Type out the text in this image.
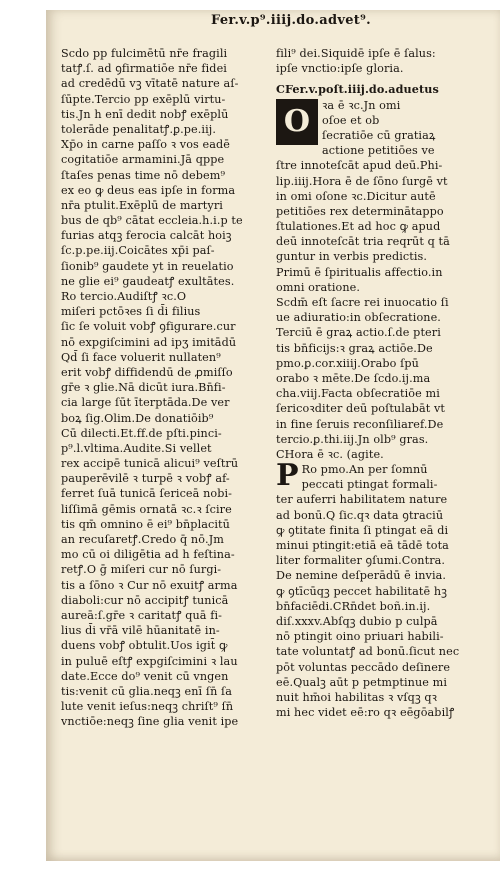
Fer.v.p⁹.iiij.do.advet⁹.
Scdo pp fulcimētū nr̄e fragili
tatꝭ.ſ. ad ꝯfirmatiōe nr̄e fidei
ad credēdū vꝫ vītatē nature aſ-
ſūpte.Tercio pp exēplū virtu-
tis.Jn h enī dedit nobꝭ exēplū
tolerāde penalitatꝭ.ꝑ.pe.iij.
Xp̄o in carne paſſo ꝛ vos eadē
cogitatiōe armamini.Jā qppe
ſtaſes penas time nō debem⁹
ex eo ꝙ deus eas ipſe in forma
nr̄a ptulit.Exēplū de martyri
bus de qb⁹ cātat eccleia.h.i.p te
furias atqꝫ ferocia calcāt hoiꝫ
ſc.p.pe.iij.Coicātes xp̄i paſ-
ſionib⁹ gaudete yt in reuelatio
ne glie ei⁹ gaudeatꝭ exultātes.
Ro tercio.Audiſtꝭ ꝛc.O
miſeri pctōꝛes ſi d̄i filius
ſic ſe voluit vobꝭ ꝯfigurare.cur
nō expgiſcimini ad ipʒ imitādū
Qd̄ ſi face voluerit nullaten⁹
erit vobꝭ diffidendū de ꝓmiſſo
gr̄e ꝛ glie.Nā dicūt iura.Bn̄fi-
cia large ſūt īterptāda.De ver
boꝝ ſig.Olim.De donatiōib⁹
Cū dilecti.Et.ff.de pſti.pinci-
p⁹.l.vltima.Audite.Si vellet
rex accipē tunicā alicui⁹ veſtrū
pauperēvilē ꝛ turpē ꝛ vobꝭ af-
ferret ſuā tunicā ſericeā nobi-
liſſimā gēmis ornatā ꝛc.ꝛ ſcire
tis qm̄ omnino ē ei⁹ bn̄placitū
an recuſaretꝭ.Credo q̄ nō.Jm
mo cū oi diligētia ad h feſtina-
retꝭ.O ḡ miſeri cur nō ſurgi-
tis a ſōno ꝛ Cur nō exuitꝭ arma
diaboli:cur nō accipitꝭ tunicā
aureā:ſ.gr̄e ꝛ caritatꝭ quā fi-
lius d̄i vr̄ā vilē hūanitatē in-
duens vobꝭ obtulit.Uos igit̄ ꝙ
in puluē eſtꝭ expgiſcimini ꝛ lau
date.Ecce do⁹ venit cū vngen
tis:venit cū glia.neqꝫ enī ſn̄ ſa
lute venit ieſus:neqꝫ chriſt⁹ ſn̄
vnctiōe:neqꝫ ſine glia venit ipe
fili⁹ dei.Siquidē ipſe ē ſalus:
ipſe vnctio:ipſe gloria.
CFer.v.poſt.iiij.do.aduetus
O	ꝛa ē ꝛc.Jn omi
oſoe et ob
ſecratiōe cū gratiaꝝ
actione petitiōes ve
ſtre innoteſcāt apud deū.Phi-
lip.iiij.Hora ē de ſōno ſurgē vt
in omi oſone ꝛc.Dicitur autē
petitiōes rex determinātappo
ſtulationes.Et ad hoc ꝙ apud
deū innoteſcāt tria reqrūt q tā
guntur in verbis predictis.
Primū ē ſpiritualis affectio.in
omni oratione.
Scdm̄ eſt ſacre rei inuocatio ſi
ue adiuratio:in obſecratione.
Terciū ē graꝝ actio.ſ.de pteri
tis bn̄ficijs:ꝛ graꝝ actiōe.De
pmo.ꝑ.cor.xiiij.Orabo ſpū
orabo ꝛ mēte.De ſcdo.ij.ma
cha.viij.Facta obſecratiōe mi
ſericoꝛditer deū poſtulabāt vt
in fine ſeruis reconſiliaref.De
tercio.ꝑ.thi.iij.Jn olb⁹ gras.
CHora ē ꝛc. (agite.
P Ro pmo.An per ſomnū
peccati ptingat formali-
ter auferri habilitatem nature
ad bonū.Q ſic.qꝛ data ꝯtraciū
ꝙ ꝯtitate finita ſi ptingat eā di
minui ptingit:etiā eā tādē tota
liter formaliter ꝯſumi.Contra.
De nemine deſperādū ē invia.
ꝙ ꝯtīcūqꝫ peccet habilitatē hꝫ
bn̄faciēdi.CRn̄det boñ.in.ij.
diſ.xxxv.Abſqꝫ dubio p culpā
nō ptingit oino priuari habili-
tate voluntatꝭ ad bonū.ſicut nec
pōt voluntas peccādo deſinere
eē.Qualꝫ aūt p petmptinue mi
nuit hm̄oi habilitas ꝛ vſqꝫ qꝛ
mi hec videt eē:ro qꝛ eēgōabilꝭ
